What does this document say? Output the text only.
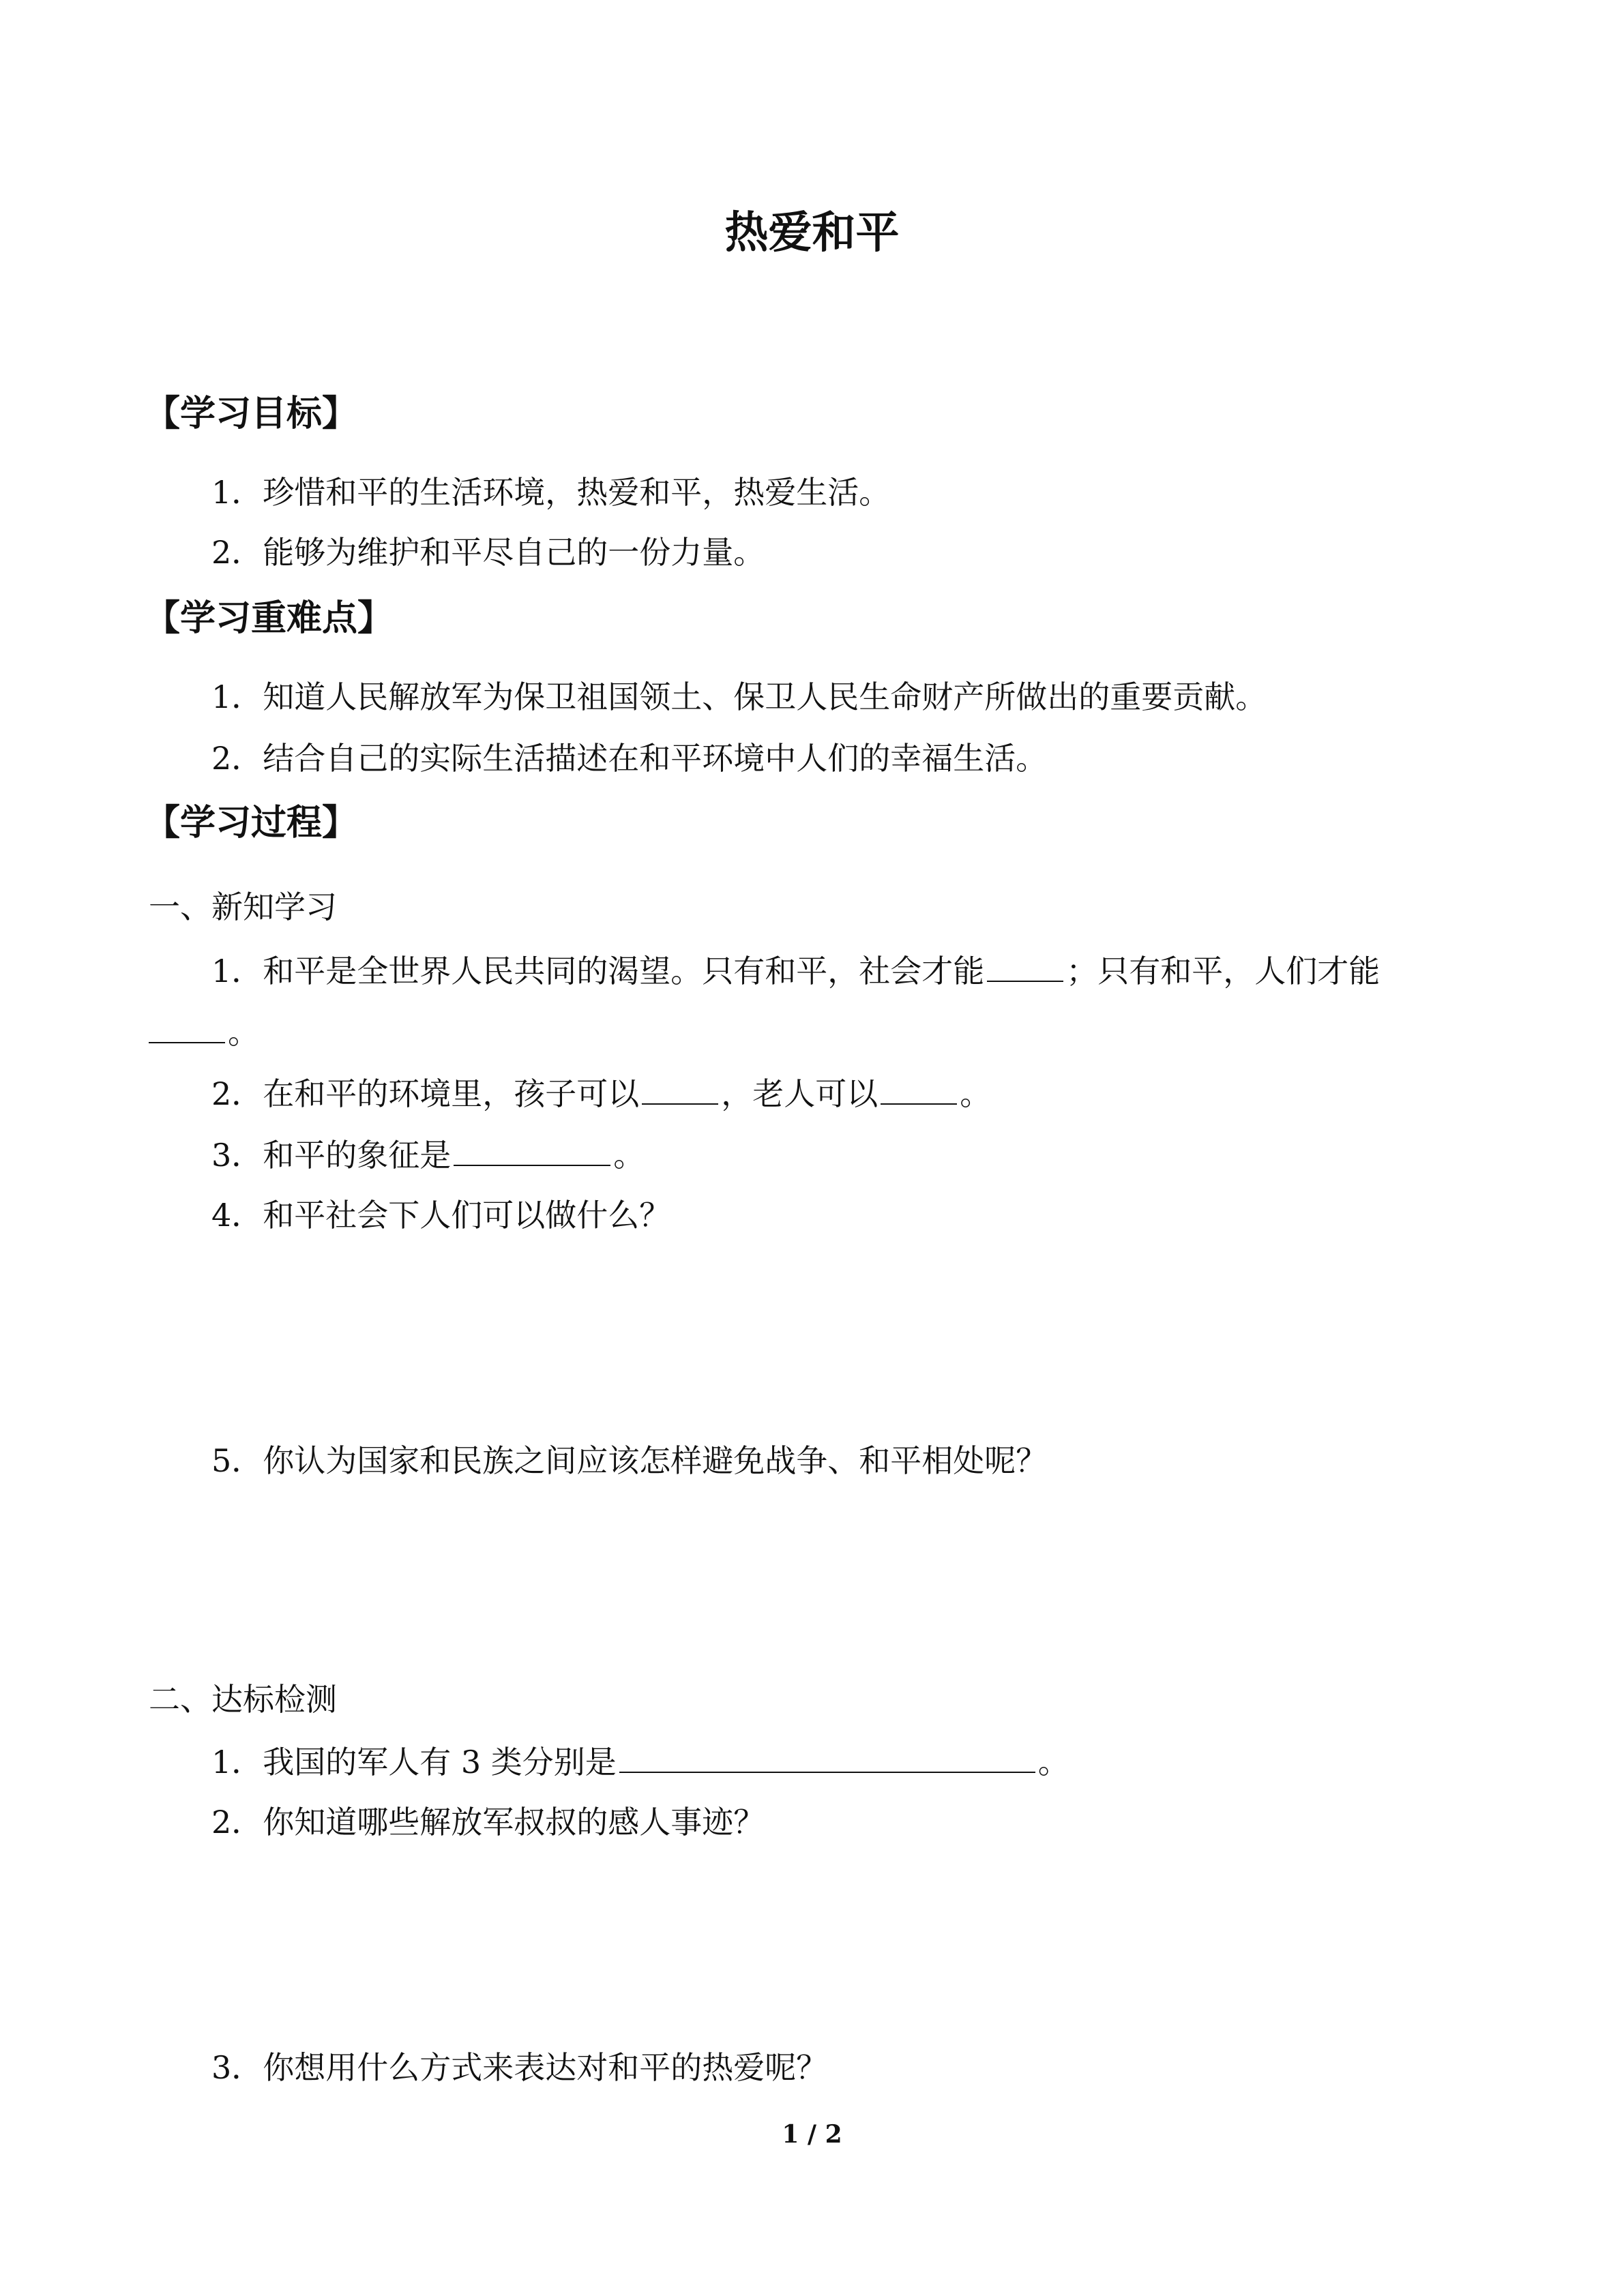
热爱和平
【学习目标】
1．珍惜和平的生活环境，热爱和平，热爱生活。
2．能够为维护和平尽自己的一份力量。
【学习重难点】
1．知道人民解放军为保卫祖国领土、保卫人民生命财产所做出的重要贡献。
2．结合自己的实际生活描述在和平环境中人们的幸福生活。
【学习过程】
一、新知学习
1．和平是全世界人民共同的渴望。只有和平，社会才能	；只有和平，人们才能
。
2．在和平的环境里，孩子可以	，老人可以	。
3．和平的象征是	。
4．和平社会下人们可以做什么？
5．你认为国家和民族之间应该怎样避免战争、和平相处呢？
二、达标检测
1．我国的军人有 3 类分别是	。
2．你知道哪些解放军叔叔的感人事迹？
3．你想用什么方式来表达对和平的热爱呢？
1 / 2
